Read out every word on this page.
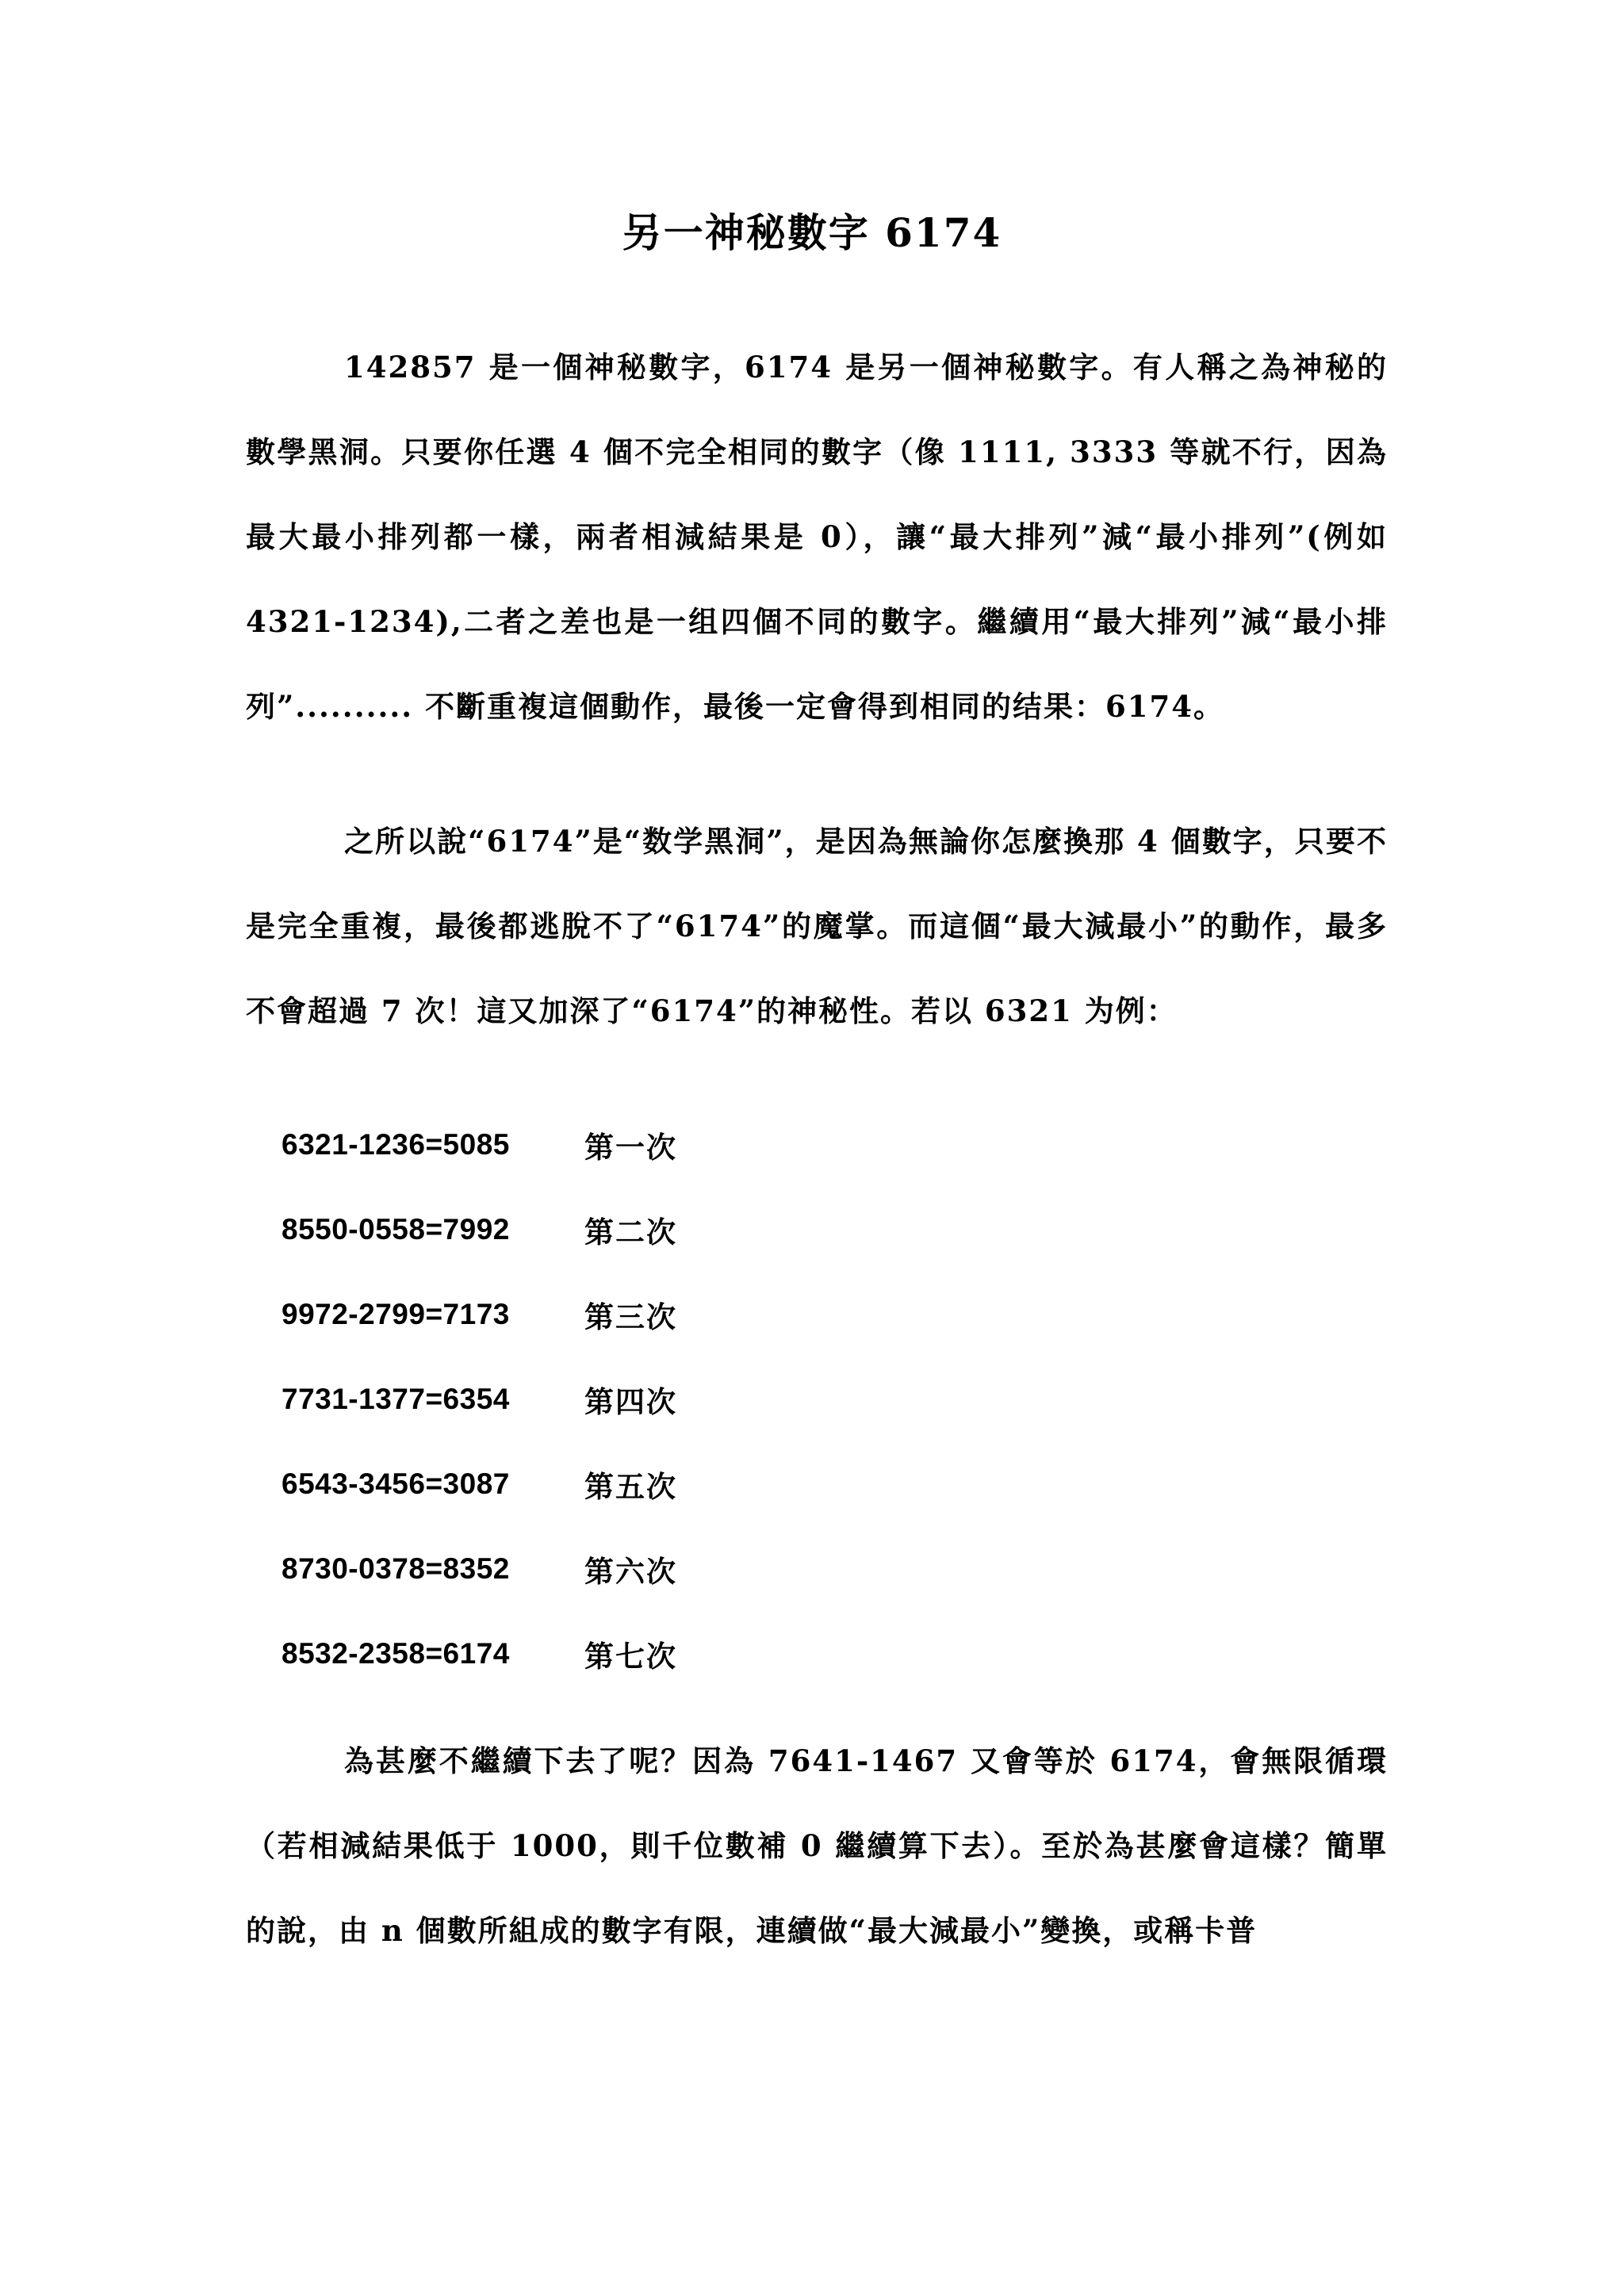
另一神秘數字 6174
142857 是一個神秘數字，6174 是另一個神秘數字。有人稱之為神秘的數學黑洞。只要你任選 4 個不完全相同的數字（像 1111, 3333 等就不行，因為最大最小排列都一樣，兩者相減結果是 0），讓“最大排列”減“最小排列”(例如 4321-1234),二者之差也是一组四個不同的數字。繼續用“最大排列”減“最小排列”.......... 不斷重複這個動作，最後一定會得到相同的结果：6174。
之所以說“6174”是“数学黑洞”，是因為無論你怎麼換那 4 個數字，只要不是完全重複，最後都逃脫不了“6174”的魔掌。而這個“最大減最小”的動作，最多不會超過 7 次！這又加深了“6174”的神秘性。若以 6321 为例：
6321-1236=5085	第一次
8550-0558=7992	第二次
9972-2799=7173	第三次
7731-1377=6354	第四次
6543-3456=3087	第五次
8730-0378=8352	第六次
8532-2358=6174	第七次
為甚麼不繼續下去了呢？因為 7641-1467 又會等於 6174，會無限循環（若相減結果低于 1000，則千位數補 0 繼續算下去）。至於為甚麼會這樣？簡單的說，由 n 個數所組成的數字有限，連續做“最大減最小”變換，或稱卡普
